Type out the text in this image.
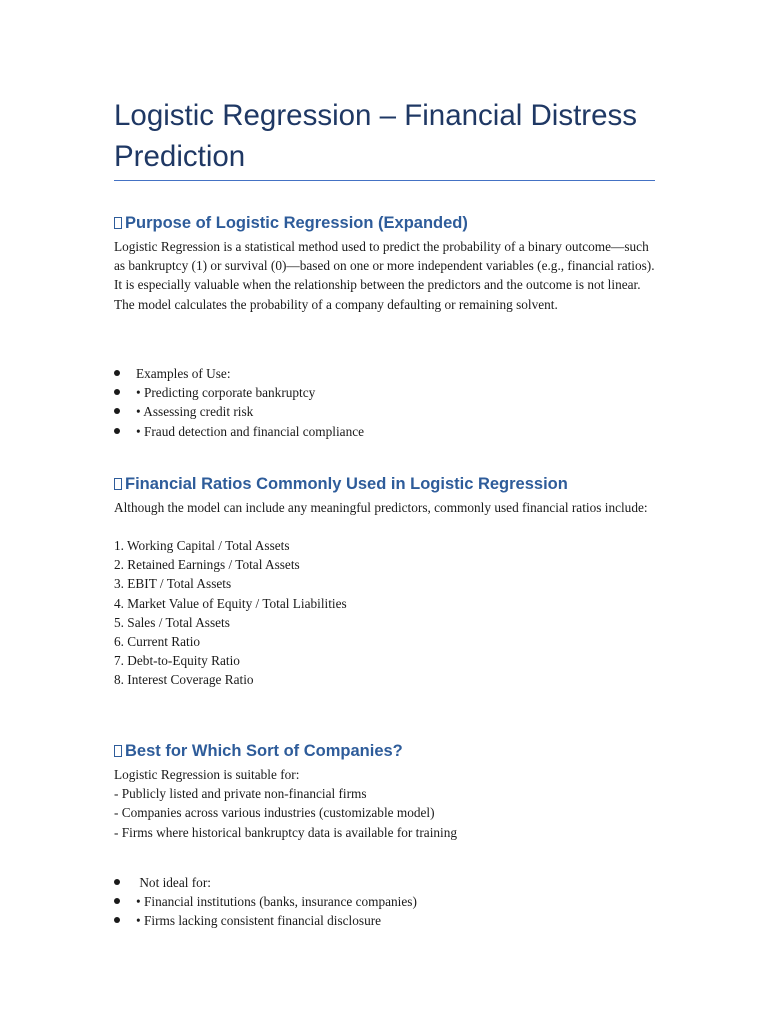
Logistic Regression – Financial Distress Prediction
Purpose of Logistic Regression (Expanded)

Logistic Regression is a statistical method used to predict the probability of a binary outcome—such as bankruptcy (1) or survival (0)—based on one or more independent variables (e.g., financial ratios). It is especially valuable when the relationship between the predictors and the outcome is not linear. The model calculates the probability of a company defaulting or remaining solvent.

Examples of Use:
• Predicting corporate bankruptcy
• Assessing credit risk
• Fraud detection and financial compliance
Financial Ratios Commonly Used in Logistic Regression

Although the model can include any meaningful predictors, commonly used financial ratios include:

1. Working Capital / Total Assets
2. Retained Earnings / Total Assets
3. EBIT / Total Assets
4. Market Value of Equity / Total Liabilities
5. Sales / Total Assets
6. Current Ratio
7. Debt-to-Equity Ratio
8. Interest Coverage Ratio
Best for Which Sort of Companies?
Logistic Regression is suitable for:
- Publicly listed and private non-financial firms
- Companies across various industries (customizable model)
- Firms where historical bankruptcy data is available for training
Not ideal for:
• Financial institutions (banks, insurance companies)
• Firms lacking consistent financial disclosure
